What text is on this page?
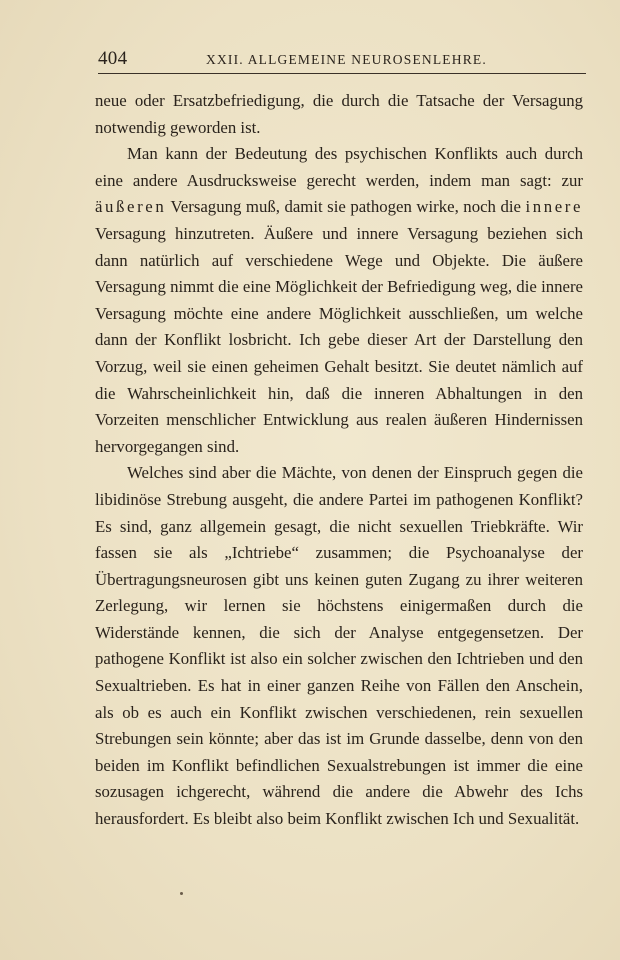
404	XXII. ALLGEMEINE NEUROSENLEHRE.

neue oder Ersatzbefriedigung, die durch die Tatsache der Versagung notwendig geworden ist.

Man kann der Bedeutung des psychischen Konflikts auch durch eine andere Ausdrucksweise gerecht werden, indem man sagt: zur äußeren Versagung muß, damit sie pathogen wirke, noch die innere Versagung hinzutreten. Äußere und innere Versagung beziehen sich dann natürlich auf verschiedene Wege und Objekte. Die äußere Versagung nimmt die eine Möglichkeit der Befriedigung weg, die innere Versagung möchte eine andere Möglichkeit ausschließen, um welche dann der Konflikt losbricht. Ich gebe dieser Art der Darstellung den Vorzug, weil sie einen geheimen Gehalt besitzt. Sie deutet nämlich auf die Wahrscheinlichkeit hin, daß die inneren Abhaltungen in den Vorzeiten menschlicher Entwicklung aus realen äußeren Hindernissen hervorgegangen sind.

Welches sind aber die Mächte, von denen der Einspruch gegen die libidinöse Strebung ausgeht, die andere Partei im pathogenen Konflikt? Es sind, ganz allgemein gesagt, die nicht sexuellen Triebkräfte. Wir fassen sie als „Ichtriebe“ zusammen; die Psychoanalyse der Übertragungsneurosen gibt uns keinen guten Zugang zu ihrer weiteren Zerlegung, wir lernen sie höchstens einigermaßen durch die Widerstände kennen, die sich der Analyse entgegensetzen. Der pathogene Konflikt ist also ein solcher zwischen den Ichtrieben und den Sexualtrieben. Es hat in einer ganzen Reihe von Fällen den Anschein, als ob es auch ein Konflikt zwischen verschiedenen, rein sexuellen Strebungen sein könnte; aber das ist im Grunde dasselbe, denn von den beiden im Konflikt befindlichen Sexualstrebungen ist immer die eine sozusagen ichgerecht, während die andere die Abwehr des Ichs herausfordert. Es bleibt also beim Konflikt zwischen Ich und Sexualität.
